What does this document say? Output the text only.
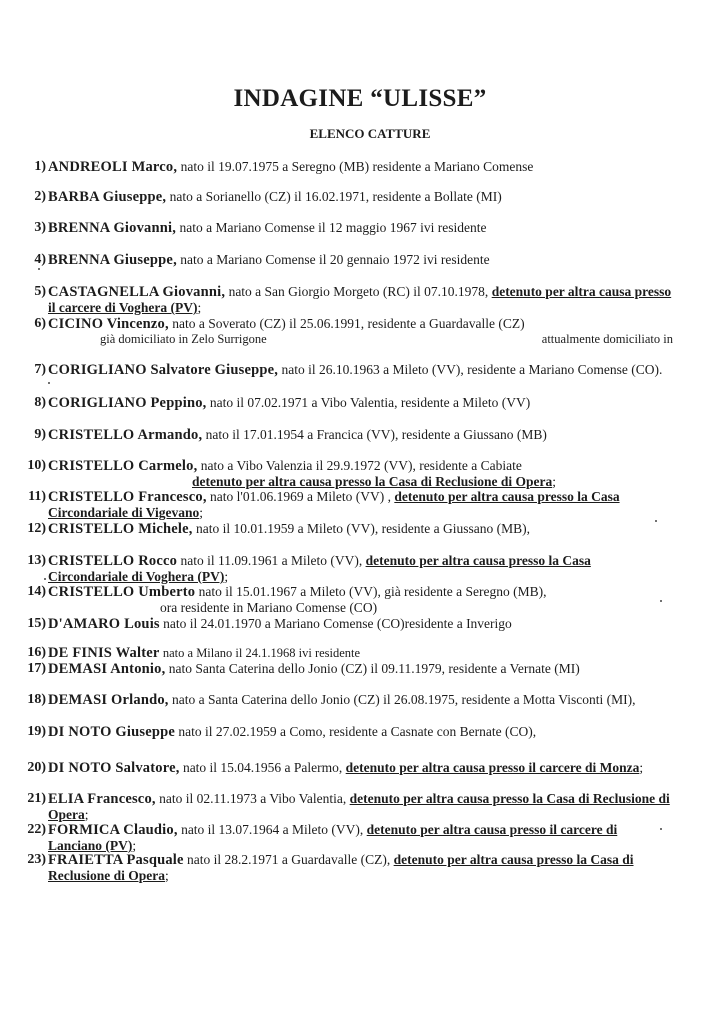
INDAGINE “ULISSE”
ELENCO CATTURE
1) ANDREOLI Marco, nato il 19.07.1975 a Seregno (MB) residente a Mariano Comense
2) BARBA Giuseppe, nato a Sorianello (CZ) il 16.02.1971, residente a Bollate (MI)
3) BRENNA Giovanni, nato a Mariano Comense il 12 maggio 1967 ivi residente
4) BRENNA Giuseppe, nato a Mariano Comense il 20 gennaio 1972 ivi residente
5) CASTAGNELLA Giovanni, nato a San Giorgio Morgeto (RC) il 07.10.1978, detenuto per altra causa presso il carcere di Voghera (PV);
6) CICINO Vincenzo, nato a Soverato (CZ) il 25.06.1991, residente a Guardavalle (CZ)
già domiciliato in Zelo Surrigone	attualmente domiciliato in
7) CORIGLIANO Salvatore Giuseppe, nato il 26.10.1963 a Mileto (VV), residente a Mariano Comense (CO).
8) CORIGLIANO Peppino, nato il 07.02.1971 a Vibo Valentia, residente a Mileto (VV)
9) CRISTELLO Armando, nato il 17.01.1954 a Francica (VV), residente a Giussano (MB)
10) CRISTELLO Carmelo, nato a Vibo Valenzia il 29.9.1972 (VV), residente a Cabiate
detenuto per altra causa presso la Casa di Reclusione di Opera;
11) CRISTELLO Francesco, nato l'01.06.1969 a Mileto (VV) , detenuto per altra causa presso la Casa Circondariale di Vigevano;
12) CRISTELLO Michele, nato il 10.01.1959 a Mileto (VV), residente a Giussano (MB),
13) CRISTELLO Rocco nato il 11.09.1961 a Mileto (VV), detenuto per altra causa presso la Casa Circondariale di Voghera (PV);
14) CRISTELLO Umberto nato il 15.01.1967 a Mileto (VV), già residente a Seregno (MB),
ora residente in Mariano Comense (CO)
15) D'AMARO Louis nato il 24.01.1970 a Mariano Comense (CO)residente a Inverigo
16) DE FINIS Walter nato a Milano il 24.1.1968 ivi residente
17) DEMASI Antonio, nato Santa Caterina dello Jonio (CZ) il 09.11.1979, residente a Vernate (MI)
18) DEMASI Orlando, nato a Santa Caterina dello Jonio (CZ) il 26.08.1975, residente a Motta Visconti (MI),
19) DI NOTO Giuseppe nato il 27.02.1959 a Como, residente a Casnate con Bernate (CO),
20) DI NOTO Salvatore, nato il 15.04.1956 a Palermo, detenuto per altra causa presso il carcere di Monza;
21) ELIA Francesco, nato il 02.11.1973 a Vibo Valentia, detenuto per altra causa presso la Casa di Reclusione di Opera;
22) FORMICA Claudio, nato il 13.07.1964 a Mileto (VV), detenuto per altra causa presso il carcere di Lanciano (PV);
23) FRAIETTA Pasquale nato il 28.2.1971 a Guardavalle (CZ), detenuto per altra causa presso la Casa di Reclusione di Opera;
